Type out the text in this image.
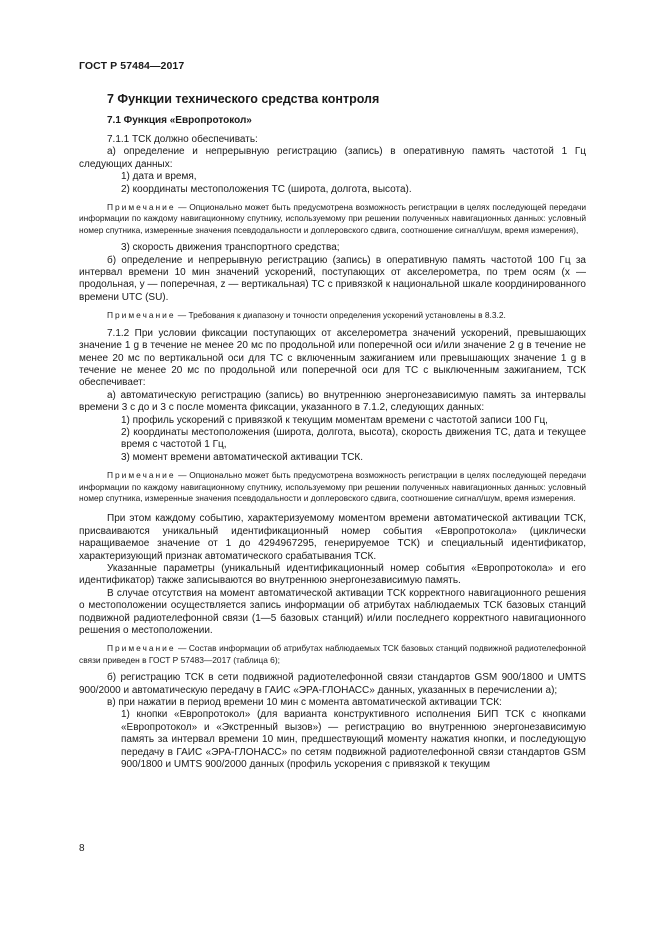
ГОСТ Р 57484—2017
7 Функции технического средства контроля
7.1 Функция «Европротокол»

7.1.1 ТСК должно обеспечивать:

а) определение и непрерывную регистрацию (запись) в оперативную память частотой 1 Гц следующих данных:

1) дата и время,

2) координаты местоположения ТС (широта, долгота, высота).

Примечание — Опционально может быть предусмотрена возможность регистрации в целях последующей передачи информации по каждому навигационному спутнику, используемому при решении полученных навигационных данных: условный номер спутника, измеренные значения псевдодальности и доплеровского сдвига, соотношение сигнал/шум, время измерения),

3) скорость движения транспортного средства;

б) определение и непрерывную регистрацию (запись) в оперативную память частотой 100 Гц за интервал времени 10 мин значений ускорений, поступающих от акселерометра, по трем осям (x — продольная, y — поперечная, z — вертикальная) ТС с привязкой к национальной шкале координированного времени UTC (SU).

Примечание — Требования к диапазону и точности определения ускорений установлены в 8.3.2.

7.1.2 При условии фиксации поступающих от акселерометра значений ускорений, превышающих значение 1 g в течение не менее 20 мс по продольной или поперечной оси и/или значение 2 g в течение не менее 20 мс по вертикальной оси для ТС с включенным зажиганием или превышающих значение 1 g в течение не менее 20 мс по продольной или поперечной оси для ТС с выключенным зажиганием, ТСК обеспечивает:

а) автоматическую регистрацию (запись) во внутреннюю энергонезависимую память за интервалы времени 3 с до и 3 с после момента фиксации, указанного в 7.1.2, следующих данных:

1) профиль ускорений с привязкой к текущим моментам времени с частотой записи 100 Гц,

2) координаты местоположения (широта, долгота, высота), скорость движения ТС, дата и текущее время с частотой 1 Гц,

3) момент времени автоматической активации ТСК.

Примечание — Опционально может быть предусмотрена возможность регистрации в целях последующей передачи информации по каждому навигационному спутнику, используемому при решении полученных навигационных данных: условный номер спутника, измеренные значения псевдодальности и доплеровского сдвига, соотношение сигнал/шум, время измерения.

При этом каждому событию, характеризуемому моментом времени автоматической активации ТСК, присваиваются уникальный идентификационный номер события «Европротокола» (циклически наращиваемое значение от 1 до 4294967295, генерируемое ТСК) и специальный идентификатор, характеризующий признак автоматического срабатывания ТСК.

Указанные параметры (уникальный идентификационный номер события «Европротокола» и его идентификатор) также записываются во внутреннюю энергонезависимую память.

В случае отсутствия на момент автоматической активации ТСК корректного навигационного решения о местоположении осуществляется запись информации об атрибутах наблюдаемых ТСК базовых станций подвижной радиотелефонной связи (1—5 базовых станций) и/или последнего корректного навигационного решения о местоположении.

Примечание — Состав информации об атрибутах наблюдаемых ТСК базовых станций подвижной радиотелефонной связи приведен в ГОСТ Р 57483—2017 (таблица 6);

б) регистрацию ТСК в сети подвижной радиотелефонной связи стандартов GSM 900/1800 и UMTS 900/2000 и автоматическую передачу в ГАИС «ЭРА-ГЛОНАСС» данных, указанных в перечислении а);

в) при нажатии в период времени 10 мин с момента автоматической активации ТСК:

1) кнопки «Европротокол» (для варианта конструктивного исполнения БИП ТСК с кнопками «Европротокол» и «Экстренный вызов») — регистрацию во внутреннюю энергонезависимую память за интервал времени 10 мин, предшествующий моменту нажатия кнопки, и последующую передачу в ГАИС «ЭРА-ГЛОНАСС» по сетям подвижной радиотелефонной связи стандартов GSM 900/1800 и UMTS 900/2000 данных (профиль ускорения с привязкой к текущим

8
